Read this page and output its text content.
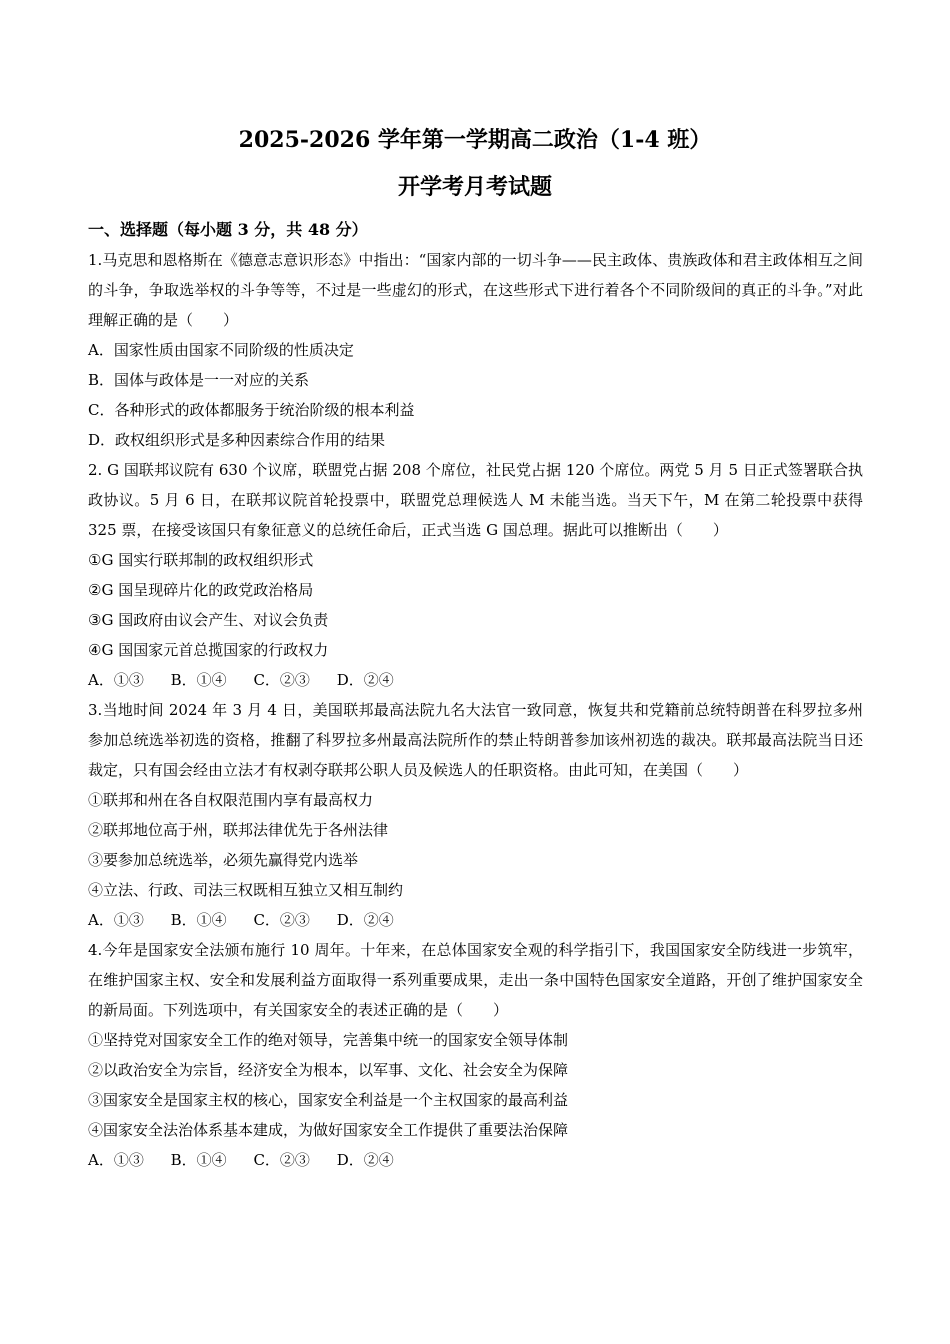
2025-2026 学年第一学期高二政治（1-4 班）
开学考月考试题
一、选择题（每小题 3 分，共 48 分）
1.马克思和恩格斯在《德意志意识形态》中指出：“国家内部的一切斗争——民主政体、贵族政体和君主政体相互之间的斗争，争取选举权的斗争等等，不过是一些虚幻的形式，在这些形式下进行着各个不同阶级间的真正的斗争。”对此理解正确的是（　　）
A．国家性质由国家不同阶级的性质决定
B．国体与政体是一一对应的关系
C．各种形式的政体都服务于统治阶级的根本利益
D．政权组织形式是多种因素综合作用的结果
2. G 国联邦议院有 630 个议席，联盟党占据 208 个席位，社民党占据 120 个席位。两党 5 月 5 日正式签署联合执政协议。5 月 6 日，在联邦议院首轮投票中，联盟党总理候选人 M 未能当选。当天下午，M 在第二轮投票中获得 325 票，在接受该国只有象征意义的总统任命后，正式当选 G 国总理。据此可以推断出（　　）
①G 国实行联邦制的政权组织形式
②G 国呈现碎片化的政党政治格局
③G 国政府由议会产生、对议会负责
④G 国国家元首总揽国家的行政权力
A．①③ B．①④ C．②③ D．②④
3.当地时间 2024 年 3 月 4 日，美国联邦最高法院九名大法官一致同意，恢复共和党籍前总统特朗普在科罗拉多州参加总统选举初选的资格，推翻了科罗拉多州最高法院所作的禁止特朗普参加该州初选的裁决。联邦最高法院当日还裁定，只有国会经由立法才有权剥夺联邦公职人员及候选人的任职资格。由此可知，在美国（　　）
①联邦和州在各自权限范围内享有最高权力
②联邦地位高于州，联邦法律优先于各州法律
③要参加总统选举，必须先赢得党内选举
④立法、行政、司法三权既相互独立又相互制约
A．①③ B．①④ C．②③ D．②④
4.今年是国家安全法颁布施行 10 周年。十年来，在总体国家安全观的科学指引下，我国国家安全防线进一步筑牢，在维护国家主权、安全和发展利益方面取得一系列重要成果，走出一条中国特色国家安全道路，开创了维护国家安全的新局面。下列选项中，有关国家安全的表述正确的是（　　）
①坚持党对国家安全工作的绝对领导，完善集中统一的国家安全领导体制
②以政治安全为宗旨，经济安全为根本，以军事、文化、社会安全为保障
③国家安全是国家主权的核心，国家安全利益是一个主权国家的最高利益
④国家安全法治体系基本建成，为做好国家安全工作提供了重要法治保障
A．①③ B．①④ C．②③ D．②④
